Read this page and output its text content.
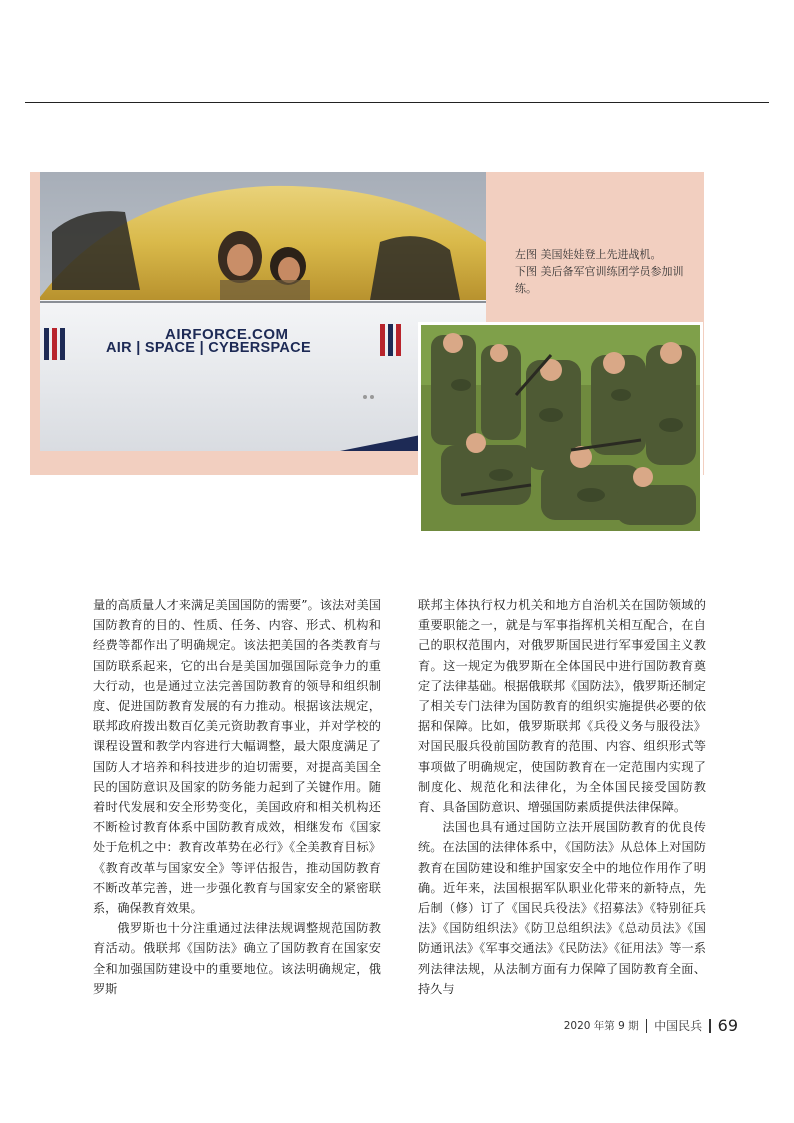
AIRFORCE.COM
AIR | SPACE | CYBERSPACE
左图 美国娃娃登上先进战机。
下图 美后备军官训练团学员参加训练。

量的高质量人才来满足美国国防的需要”。该法对美国国防教育的目的、性质、任务、内容、形式、机构和经费等都作出了明确规定。该法把美国的各类教育与国防联系起来，它的出台是美国加强国际竞争力的重大行动，也是通过立法完善国防教育的领导和组织制度、促进国防教育发展的有力推动。根据该法规定，联邦政府拨出数百亿美元资助教育事业，并对学校的课程设置和教学内容进行大幅调整，最大限度满足了国防人才培养和科技进步的迫切需要，对提高美国全民的国防意识及国家的防务能力起到了关键作用。随着时代发展和安全形势变化，美国政府和相关机构还不断检讨教育体系中国防教育成效，相继发布《国家处于危机之中：教育改革势在必行》《全美教育目标》《教育改革与国家安全》等评估报告，推动国防教育不断改革完善，进一步强化教育与国家安全的紧密联系，确保教育效果。

俄罗斯也十分注重通过法律法规调整规范国防教育活动。俄联邦《国防法》确立了国防教育在国家安全和加强国防建设中的重要地位。该法明确规定，俄罗斯

联邦主体执行权力机关和地方自治机关在国防领域的重要职能之一，就是与军事指挥机关相互配合，在自己的职权范围内，对俄罗斯国民进行军事爱国主义教育。这一规定为俄罗斯在全体国民中进行国防教育奠定了法律基础。根据俄联邦《国防法》，俄罗斯还制定了相关专门法律为国防教育的组织实施提供必要的依据和保障。比如，俄罗斯联邦《兵役义务与服役法》对国民服兵役前国防教育的范围、内容、组织形式等事项做了明确规定，使国防教育在一定范围内实现了制度化、规范化和法律化，为全体国民接受国防教育、具备国防意识、增强国防素质提供法律保障。

法国也具有通过国防立法开展国防教育的优良传统。在法国的法律体系中，《国防法》从总体上对国防教育在国防建设和维护国家安全中的地位作用作了明确。近年来，法国根据军队职业化带来的新特点，先后制（修）订了《国民兵役法》《招募法》《特别征兵法》《国防组织法》《防卫总组织法》《总动员法》《国防通讯法》《军事交通法》《民防法》《征用法》等一系列法律法规，从法制方面有力保障了国防教育全面、持久与

2020 年第 9 期 中国民兵 69
